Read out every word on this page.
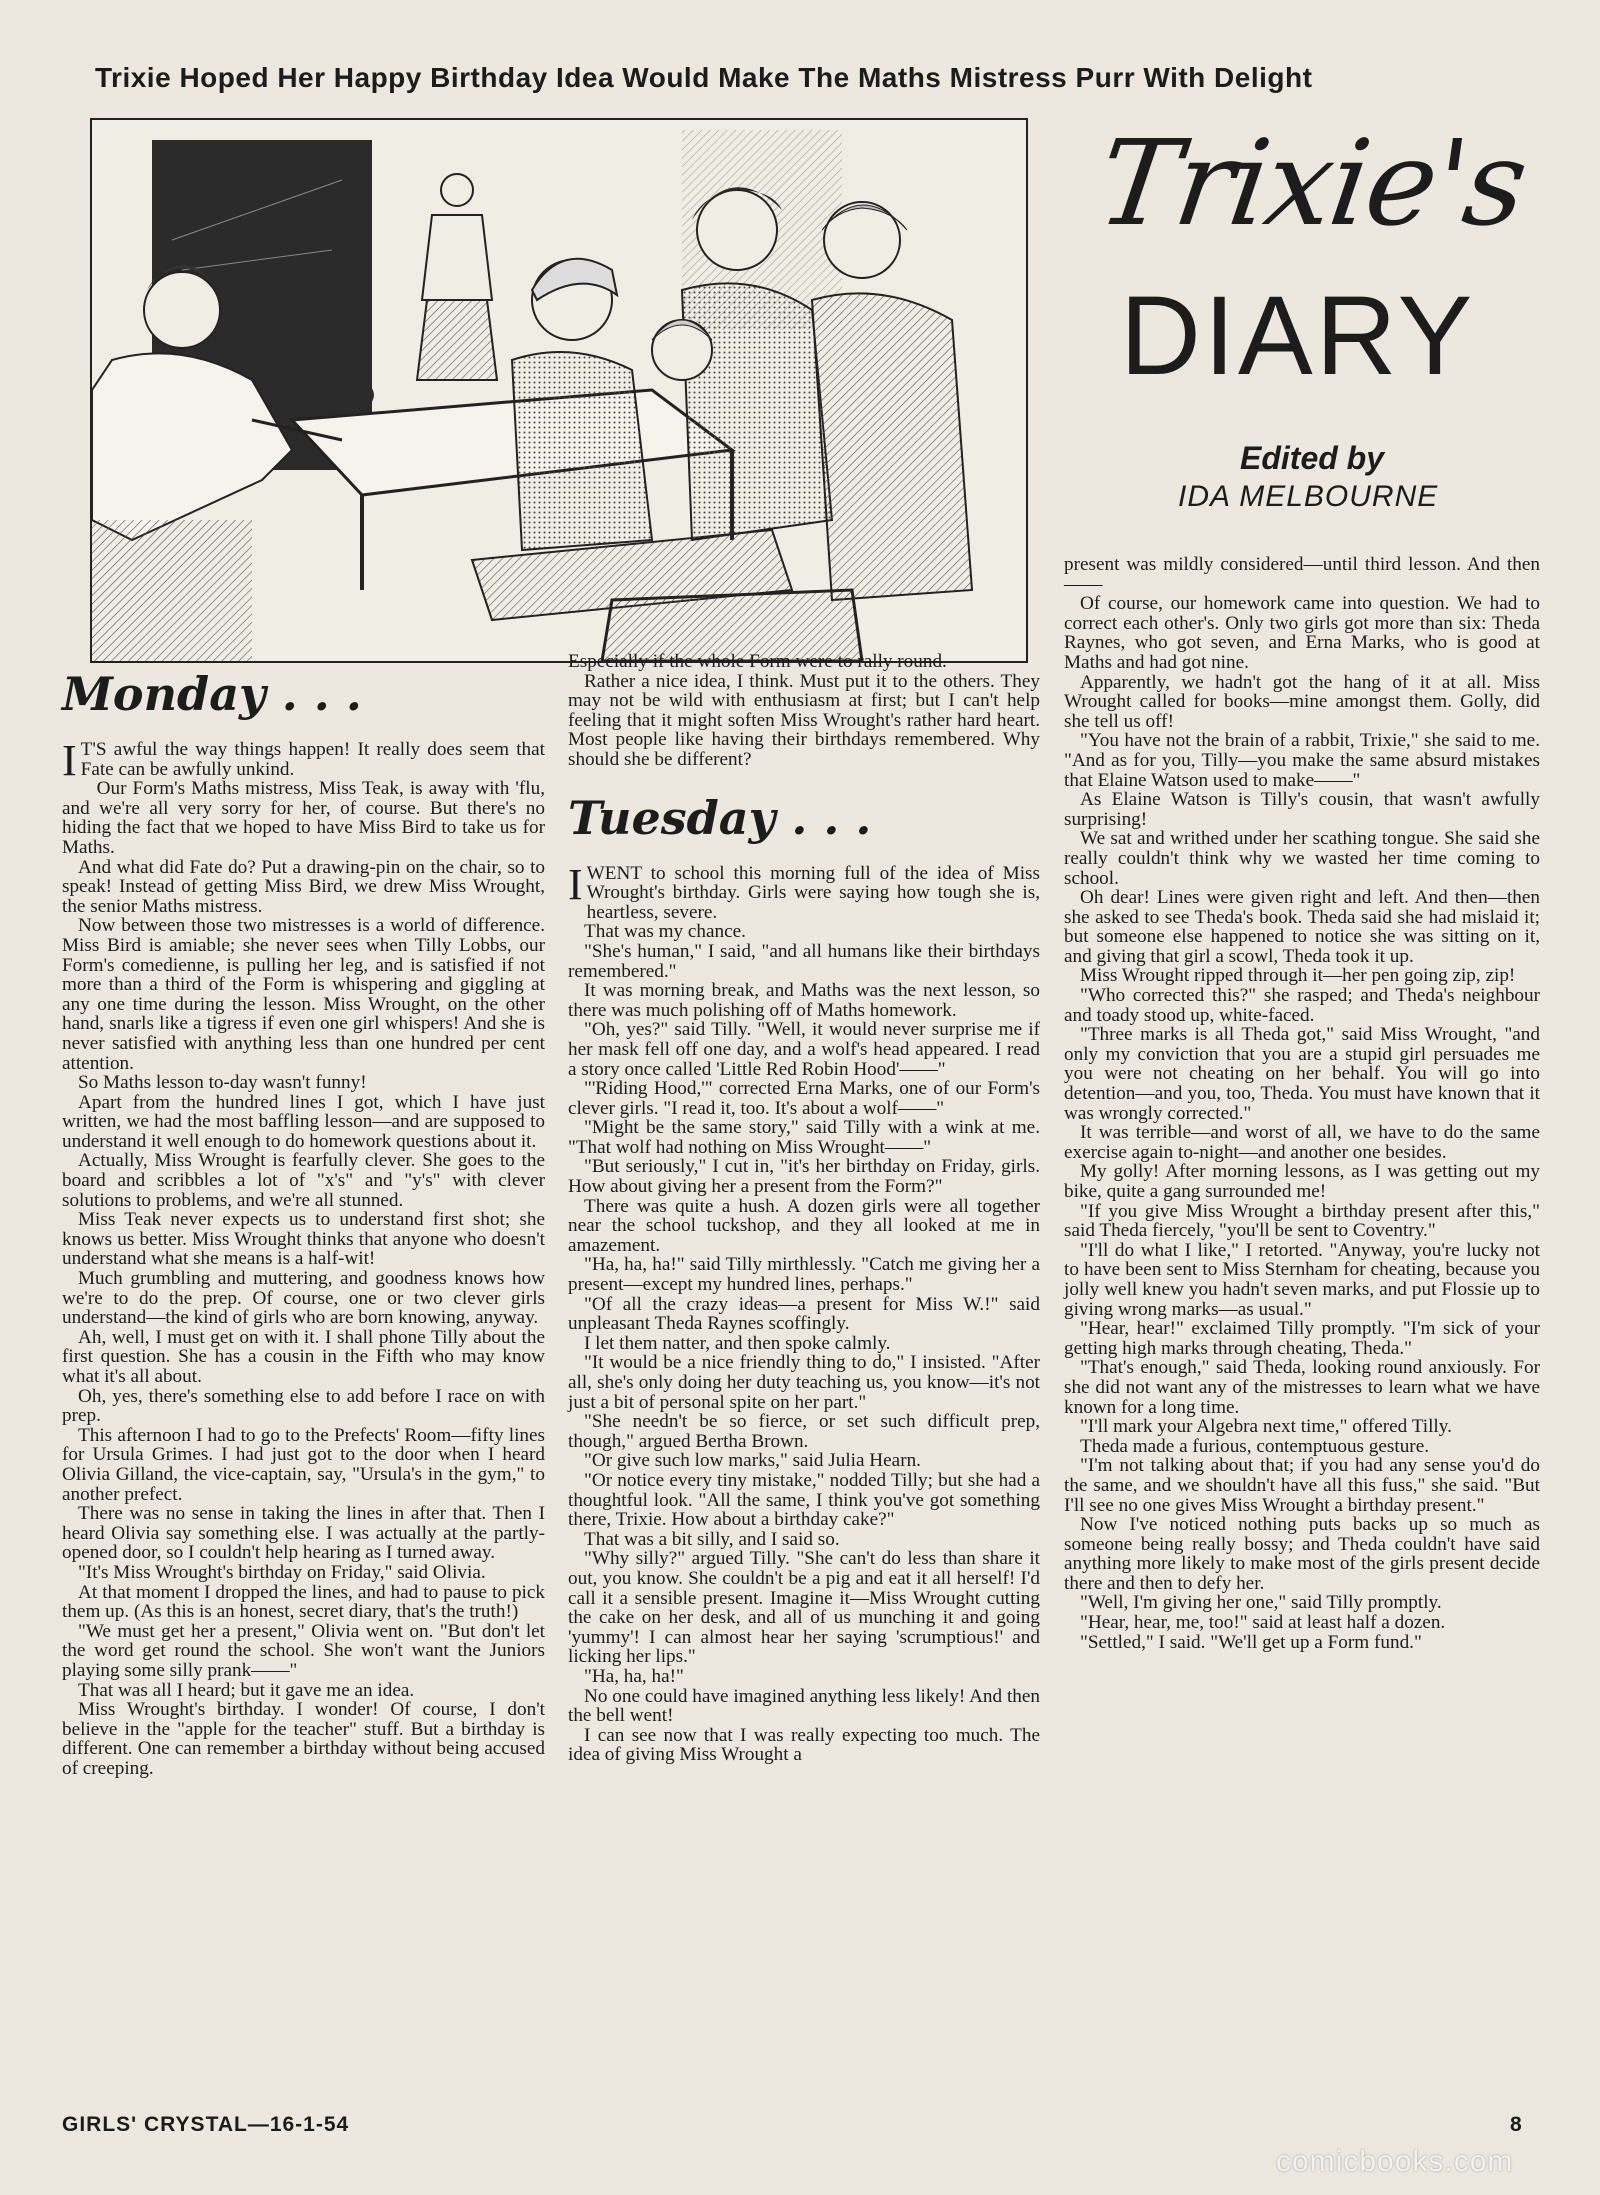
Trixie Hoped Her Happy Birthday Idea Would Make The Maths Mistress Purr With Delight
Trixie's
DIARY
Edited by
IDA MELBOURNE
Monday . . .

I T'S awful the way things happen! It really does seem that Fate can be awfully unkind.

Our Form's Maths mistress, Miss Teak, is away with 'flu, and we're all very sorry for her, of course. But there's no hiding the fact that we hoped to have Miss Bird to take us for Maths.

And what did Fate do? Put a drawing-pin on the chair, so to speak! Instead of getting Miss Bird, we drew Miss Wrought, the senior Maths mistress.

Now between those two mistresses is a world of difference. Miss Bird is amiable; she never sees when Tilly Lobbs, our Form's comedienne, is pulling her leg, and is satisfied if not more than a third of the Form is whispering and giggling at any one time during the lesson. Miss Wrought, on the other hand, snarls like a tigress if even one girl whispers! And she is never satisfied with anything less than one hundred per cent attention.

So Maths lesson to-day wasn't funny!

Apart from the hundred lines I got, which I have just written, we had the most baffling lesson—and are supposed to understand it well enough to do homework questions about it.

Actually, Miss Wrought is fearfully clever. She goes to the board and scribbles a lot of "x's" and "y's" with clever solutions to problems, and we're all stunned.

Miss Teak never expects us to understand first shot; she knows us better. Miss Wrought thinks that anyone who doesn't understand what she means is a half-wit!

Much grumbling and muttering, and goodness knows how we're to do the prep. Of course, one or two clever girls understand—the kind of girls who are born knowing, anyway.

Ah, well, I must get on with it. I shall phone Tilly about the first question. She has a cousin in the Fifth who may know what it's all about.

Oh, yes, there's something else to add before I race on with prep.

This afternoon I had to go to the Prefects' Room—fifty lines for Ursula Grimes. I had just got to the door when I heard Olivia Gilland, the vice-captain, say, "Ursula's in the gym," to another prefect.

There was no sense in taking the lines in after that. Then I heard Olivia say something else. I was actually at the partly-opened door, so I couldn't help hearing as I turned away.

"It's Miss Wrought's birthday on Friday," said Olivia.

At that moment I dropped the lines, and had to pause to pick them up. (As this is an honest, secret diary, that's the truth!)

"We must get her a present," Olivia went on. "But don't let the word get round the school. She won't want the Juniors playing some silly prank——"

That was all I heard; but it gave me an idea.

Miss Wrought's birthday. I wonder! Of course, I don't believe in the "apple for the teacher" stuff. But a birthday is different. One can remember a birthday without being accused of creeping.

Especially if the whole Form were to rally round.

Rather a nice idea, I think. Must put it to the others. They may not be wild with enthusiasm at first; but I can't help feeling that it might soften Miss Wrought's rather hard heart. Most people like having their birthdays remembered. Why should she be different?

Tuesday . . .

IWENT to school this morning full of the idea of Miss Wrought's birthday. Girls were saying how tough she is, heartless, severe.

That was my chance.

"She's human," I said, "and all humans like their birthdays remembered."

It was morning break, and Maths was the next lesson, so there was much polishing off of Maths homework.

"Oh, yes?" said Tilly. "Well, it would never surprise me if her mask fell off one day, and a wolf's head appeared. I read a story once called 'Little Red Robin Hood'——"

"'Riding Hood,'" corrected Erna Marks, one of our Form's clever girls. "I read it, too. It's about a wolf——"

"Might be the same story," said Tilly with a wink at me. "That wolf had nothing on Miss Wrought——"

"But seriously," I cut in, "it's her birthday on Friday, girls. How about giving her a present from the Form?"

There was quite a hush. A dozen girls were all together near the school tuckshop, and they all looked at me in amazement.

"Ha, ha, ha!" said Tilly mirthlessly. "Catch me giving her a present—except my hundred lines, perhaps."

"Of all the crazy ideas—a present for Miss W.!" said unpleasant Theda Raynes scoffingly.

I let them natter, and then spoke calmly.

"It would be a nice friendly thing to do," I insisted. "After all, she's only doing her duty teaching us, you know—it's not just a bit of personal spite on her part."

"She needn't be so fierce, or set such difficult prep, though," argued Bertha Brown.

"Or give such low marks," said Julia Hearn.

"Or notice every tiny mistake," nodded Tilly; but she had a thoughtful look. "All the same, I think you've got something there, Trixie. How about a birthday cake?"

That was a bit silly, and I said so.

"Why silly?" argued Tilly. "She can't do less than share it out, you know. She couldn't be a pig and eat it all herself! I'd call it a sensible present. Imagine it—Miss Wrought cutting the cake on her desk, and all of us munching it and going 'yummy'! I can almost hear her saying 'scrumptious!' and licking her lips."

"Ha, ha, ha!"

No one could have imagined anything less likely! And then the bell went!

I can see now that I was really expecting too much. The idea of giving Miss Wrought a

present was mildly considered—until third lesson. And then——

Of course, our homework came into question. We had to correct each other's. Only two girls got more than six: Theda Raynes, who got seven, and Erna Marks, who is good at Maths and had got nine.

Apparently, we hadn't got the hang of it at all. Miss Wrought called for books—mine amongst them. Golly, did she tell us off!

"You have not the brain of a rabbit, Trixie," she said to me. "And as for you, Tilly—you make the same absurd mistakes that Elaine Watson used to make——"

As Elaine Watson is Tilly's cousin, that wasn't awfully surprising!

We sat and writhed under her scathing tongue. She said she really couldn't think why we wasted her time coming to school.

Oh dear! Lines were given right and left. And then—then she asked to see Theda's book. Theda said she had mislaid it; but someone else happened to notice she was sitting on it, and giving that girl a scowl, Theda took it up.

Miss Wrought ripped through it—her pen going zip, zip!

"Who corrected this?" she rasped; and Theda's neighbour and toady stood up, white-faced.

"Three marks is all Theda got," said Miss Wrought, "and only my conviction that you are a stupid girl persuades me you were not cheating on her behalf. You will go into detention—and you, too, Theda. You must have known that it was wrongly corrected."

It was terrible—and worst of all, we have to do the same exercise again to-night—and another one besides.

My golly! After morning lessons, as I was getting out my bike, quite a gang surrounded me!

"If you give Miss Wrought a birthday present after this," said Theda fiercely, "you'll be sent to Coventry."

"I'll do what I like," I retorted. "Anyway, you're lucky not to have been sent to Miss Sternham for cheating, because you jolly well knew you hadn't seven marks, and put Flossie up to giving wrong marks—as usual."

"Hear, hear!" exclaimed Tilly promptly. "I'm sick of your getting high marks through cheating, Theda."

"That's enough," said Theda, looking round anxiously. For she did not want any of the mistresses to learn what we have known for a long time.

"I'll mark your Algebra next time," offered Tilly.

Theda made a furious, contemptuous gesture.

"I'm not talking about that; if you had any sense you'd do the same, and we shouldn't have all this fuss," she said. "But I'll see no one gives Miss Wrought a birthday present."

Now I've noticed nothing puts backs up so much as someone being really bossy; and Theda couldn't have said anything more likely to make most of the girls present decide there and then to defy her.

"Well, I'm giving her one," said Tilly promptly.

"Hear, hear, me, too!" said at least half a dozen.

"Settled," I said. "We'll get up a Form fund."

GIRLS' CRYSTAL—16-1-54	8
comicbooks.com
